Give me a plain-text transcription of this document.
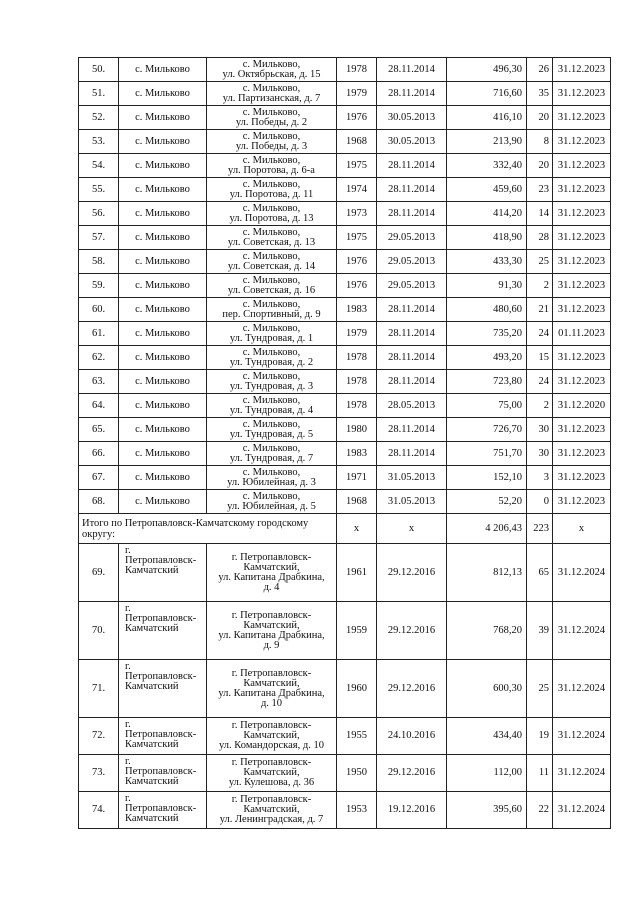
50.	с. Мильково	с. Мильково,
ул. Октябрьская, д. 15	1978	28.11.2014	496,30	26	31.12.2023
51.	с. Мильково	с. Мильково,
ул. Партизанская, д. 7	1979	28.11.2014	716,60	35	31.12.2023
52.	с. Мильково	с. Мильково,
ул. Победы, д. 2	1976	30.05.2013	416,10	20	31.12.2023
53.	с. Мильково	с. Мильково,
ул. Победы, д. 3	1968	30.05.2013	213,90	8	31.12.2023
54.	с. Мильково	с. Мильково,
ул. Поротова, д. 6-а	1975	28.11.2014	332,40	20	31.12.2023
55.	с. Мильково	с. Мильково,
ул. Поротова, д. 11	1974	28.11.2014	459,60	23	31.12.2023
56.	с. Мильково	с. Мильково,
ул. Поротова, д. 13	1973	28.11.2014	414,20	14	31.12.2023
57.	с. Мильково	с. Мильково,
ул. Советская, д. 13	1975	29.05.2013	418,90	28	31.12.2023
58.	с. Мильково	с. Мильково,
ул. Советская, д. 14	1976	29.05.2013	433,30	25	31.12.2023
59.	с. Мильково	с. Мильково,
ул. Советская, д. 16	1976	29.05.2013	91,30	2	31.12.2023
60.	с. Мильково	с. Мильково,
пер. Спортивный, д. 9	1983	28.11.2014	480,60	21	31.12.2023
61.	с. Мильково	с. Мильково,
ул. Тундровая, д. 1	1979	28.11.2014	735,20	24	01.11.2023
62.	с. Мильково	с. Мильково,
ул. Тундровая, д. 2	1978	28.11.2014	493,20	15	31.12.2023
63.	с. Мильково	с. Мильково,
ул. Тундровая, д. 3	1978	28.11.2014	723,80	24	31.12.2023
64.	с. Мильково	с. Мильково,
ул. Тундровая, д. 4	1978	28.05.2013	75,00	2	31.12.2020
65.	с. Мильково	с. Мильково,
ул. Тундровая, д. 5	1980	28.11.2014	726,70	30	31.12.2023
66.	с. Мильково	с. Мильково,
ул. Тундровая, д. 7	1983	28.11.2014	751,70	30	31.12.2023
67.	с. Мильково	с. Мильково,
ул. Юбилейная, д. 3	1971	31.05.2013	152,10	3	31.12.2023
68.	с. Мильково	с. Мильково,
ул. Юбилейная, д. 5	1968	31.05.2013	52,20	0	31.12.2023
Итого по Петропавловск-Камчатскому городскому округу:			х	х	4 206,43	223	х
69.	г. Петропавловск-
Камчатский	г. Петропавловск-
Камчатский,
ул. Капитана Драбкина,
д. 4	1961	29.12.2016	812,13	65	31.12.2024
70.	г. Петропавловск-
Камчатский	г. Петропавловск-
Камчатский,
ул. Капитана Драбкина,
д. 9	1959	29.12.2016	768,20	39	31.12.2024
71.	г. Петропавловск-
Камчатский	г. Петропавловск-
Камчатский,
ул. Капитана Драбкина,
д. 10	1960	29.12.2016	600,30	25	31.12.2024
72.	г. Петропавловск-
Камчатский	г. Петропавловск-
Камчатский,
ул. Командорская, д. 10	1955	24.10.2016	434,40	19	31.12.2024
73.	г. Петропавловск-
Камчатский	г. Петропавловск-
Камчатский,
ул. Кулешова, д. 36	1950	29.12.2016	112,00	11	31.12.2024
74.	г. Петропавловск-
Камчатский	г. Петропавловск-
Камчатский,
ул. Ленинградская, д. 7	1953	19.12.2016	395,60	22	31.12.2024
